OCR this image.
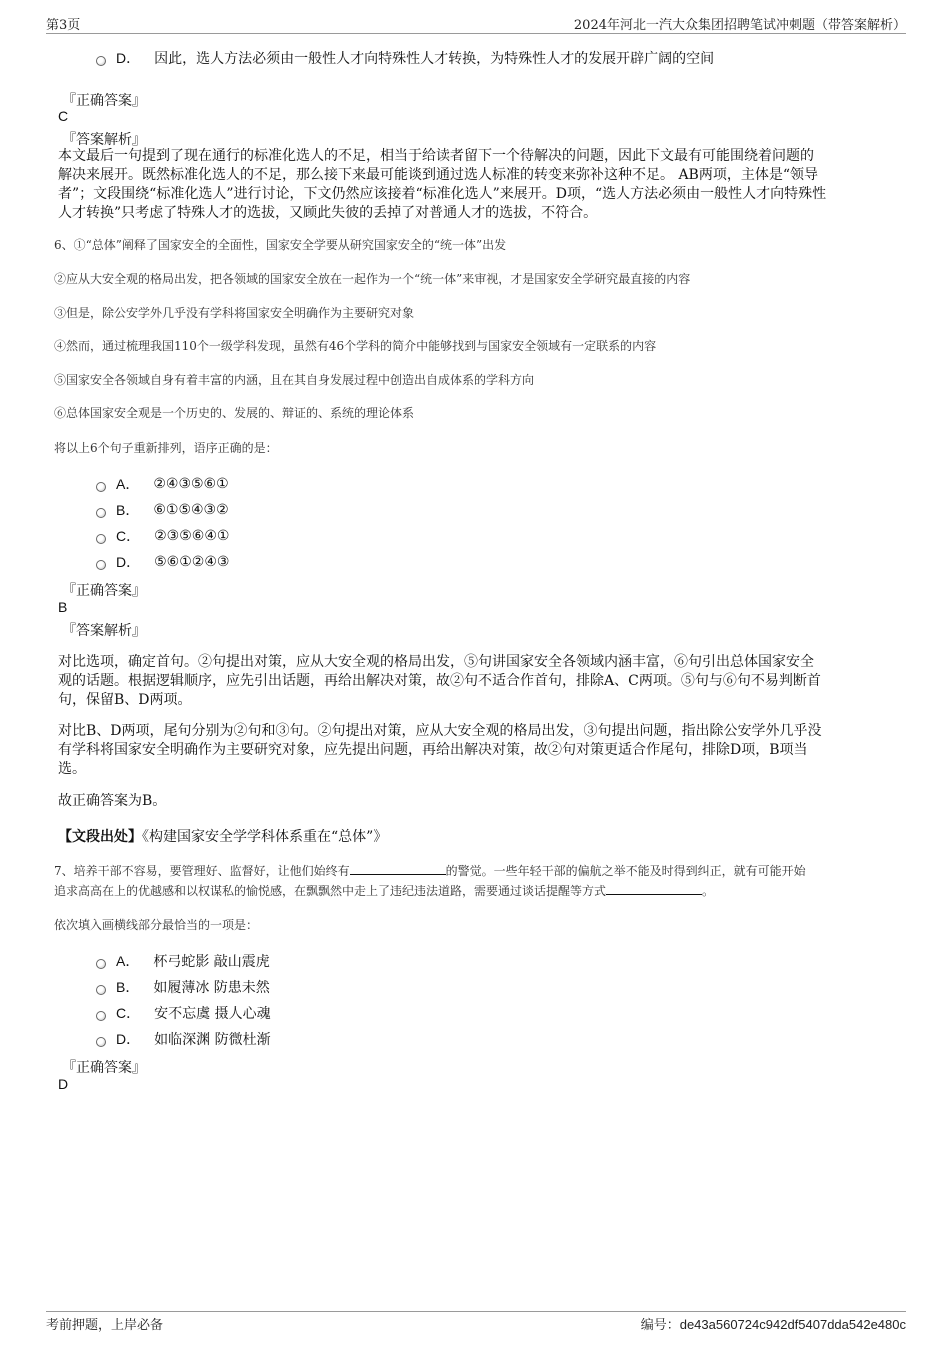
第3页	2024年河北一汽大众集团招聘笔试冲刺题（带答案解析）
D． 因此，选人方法必须由一般性人才向特殊性人才转换，为特殊性人才的发展开辟广阔的空间
『正确答案』
C
『答案解析』
本文最后一句提到了现在通行的标准化选人的不足，相当于给读者留下一个待解决的问题，因此下文最有可能围绕着问题的
解决来展开。既然标准化选人的不足，那么接下来最可能谈到通过选人标准的转变来弥补这种不足。 AB两项，主体是“领导
者”；文段围绕“标准化选人”进行讨论，下文仍然应该接着“标准化选人”来展开。D项，“选人方法必须由一般性人才向特殊性
人才转换”只考虑了特殊人才的选拔，又顾此失彼的丢掉了对普通人才的选拔，不符合。
6、①“总体”阐释了国家安全的全面性，国家安全学要从研究国家安全的“统一体”出发
②应从大安全观的格局出发，把各领域的国家安全放在一起作为一个“统一体”来审视，才是国家安全学研究最直接的内容
③但是，除公安学外几乎没有学科将国家安全明确作为主要研究对象
④然而，通过梳理我国110个一级学科发现，虽然有46个学科的简介中能够找到与国家安全领域有一定联系的内容
⑤国家安全各领域自身有着丰富的内涵，且在其自身发展过程中创造出自成体系的学科方向
⑥总体国家安全观是一个历史的、发展的、辩证的、系统的理论体系
将以上6个句子重新排列，语序正确的是：
A． ②④③⑤⑥①
B． ⑥①⑤④③②
C． ②③⑤⑥④①
D． ⑤⑥①②④③
『正确答案』
B
『答案解析』
对比选项，确定首句。②句提出对策，应从大安全观的格局出发，⑤句讲国家安全各领域内涵丰富，⑥句引出总体国家安全
观的话题。根据逻辑顺序，应先引出话题，再给出解决对策，故②句不适合作首句，排除A、C两项。⑤句与⑥句不易判断首
句，保留B、D两项。
对比B、D两项，尾句分别为②句和③句。②句提出对策，应从大安全观的格局出发，③句提出问题，指出除公安学外几乎没
有学科将国家安全明确作为主要研究对象，应先提出问题，再给出解决对策，故②句对策更适合作尾句，排除D项，B项当
选。
故正确答案为B。
【文段出处】《构建国家安全学学科体系重在“总体”》
7、培养干部不容易，要管理好、监督好，让他们始终有	的警觉。一些年轻干部的偏航之举不能及时得到纠正，就有可能开始
追求高高在上的优越感和以权谋私的愉悦感，在飘飘然中走上了违纪违法道路，需要通过谈话提醒等方式	。
依次填入画横线部分最恰当的一项是：
A． 杯弓蛇影 敲山震虎
B． 如履薄冰 防患未然
C． 安不忘虞 摄人心魂
D． 如临深渊 防微杜渐
『正确答案』
D
考前押题，上岸必备	编号：de43a560724c942df5407dda542e480c
